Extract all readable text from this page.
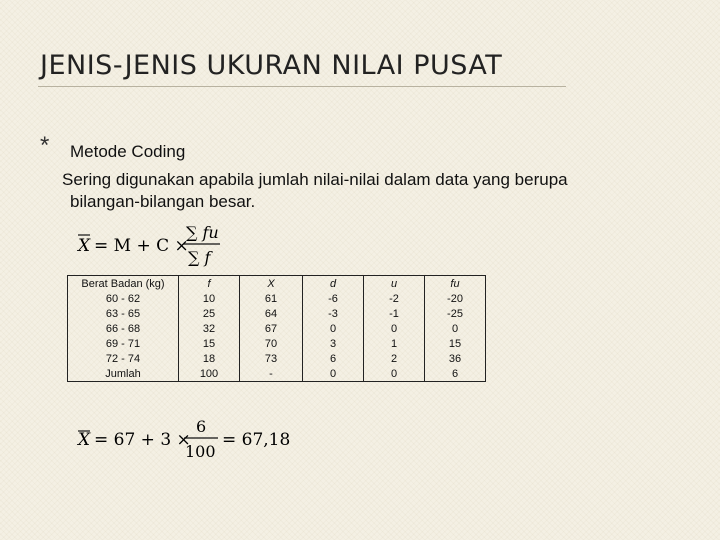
JENIS-JENIS UKURAN NILAI PUSAT
* Metode Coding

Sering digunakan apabila jumlah nilai-nilai dalam data yang berupa
bilangan-bilangan besar.

X = M + C ×
∑ fu
∑ f
Berat Badan (kg)	f	X	d	u	fu
60 - 62	10	61	-6	-2	-20
63 - 65	25	64	-3	-1	-25
66 - 68	32	67	0	0	0
69 - 71	15	70	3	1	15
72 - 74	18	73	6	2	36
Jumlah	100	-	0	0	6
X = 67 + 3 ×
6
100
= 67,18
